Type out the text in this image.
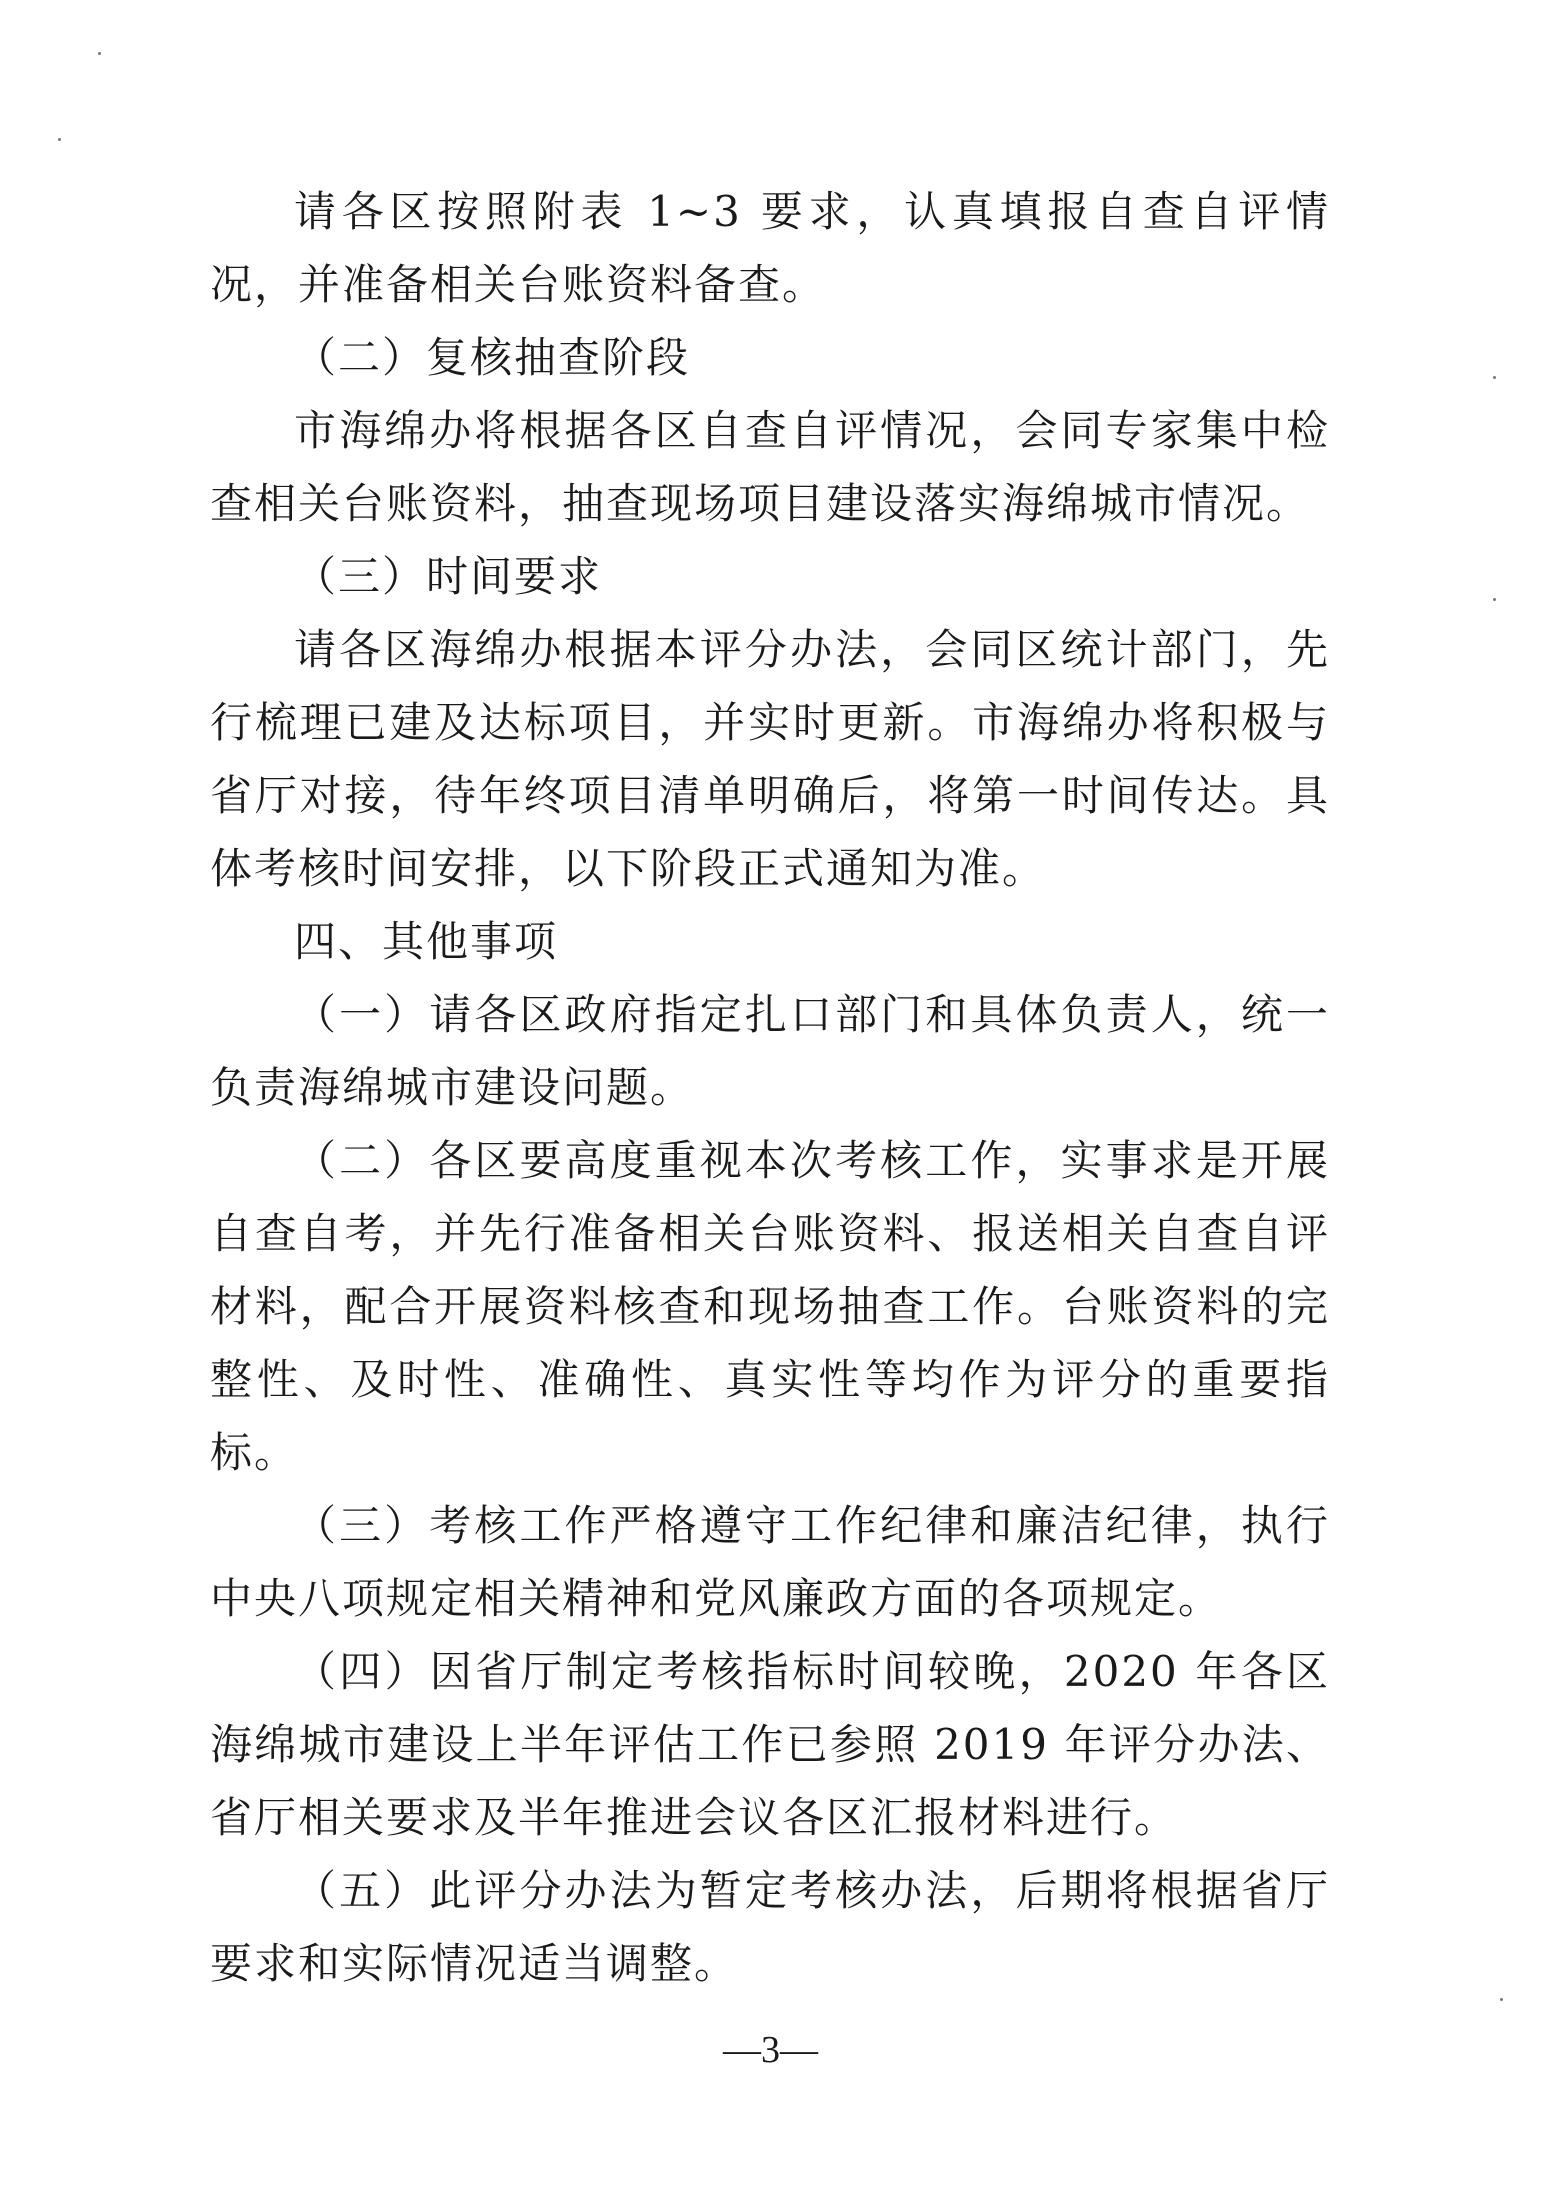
请各区按照附表 1~3 要求，认真填报自查自评情况，并准备相关台账资料备查。

（二）复核抽查阶段

市海绵办将根据各区自查自评情况，会同专家集中检查相关台账资料，抽查现场项目建设落实海绵城市情况。

（三）时间要求

请各区海绵办根据本评分办法，会同区统计部门，先行梳理已建及达标项目，并实时更新。市海绵办将积极与省厅对接，待年终项目清单明确后，将第一时间传达。具体考核时间安排，以下阶段正式通知为准。

四、其他事项

（一）请各区政府指定扎口部门和具体负责人，统一负责海绵城市建设问题。

（二）各区要高度重视本次考核工作，实事求是开展自查自考，并先行准备相关台账资料、报送相关自查自评材料，配合开展资料核查和现场抽查工作。台账资料的完整性、及时性、准确性、真实性等均作为评分的重要指标。

（三）考核工作严格遵守工作纪律和廉洁纪律，执行中央八项规定相关精神和党风廉政方面的各项规定。

（四）因省厅制定考核指标时间较晚，2020 年各区海绵城市建设上半年评估工作已参照 2019 年评分办法、省厅相关要求及半年推进会议各区汇报材料进行。

（五）此评分办法为暂定考核办法，后期将根据省厅要求和实际情况适当调整。

—3—
